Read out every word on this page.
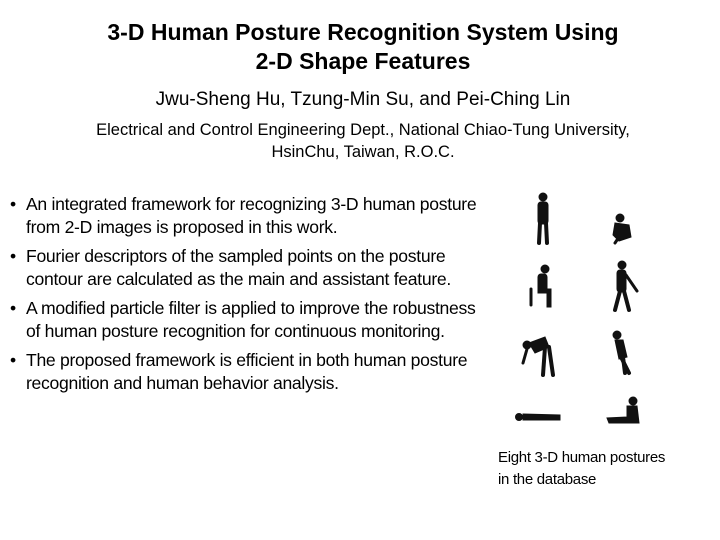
3-D Human Posture Recognition System Using
2-D Shape Features
Jwu-Sheng Hu, Tzung-Min Su, and Pei-Ching Lin
Electrical and Control Engineering Dept., National Chiao-Tung University,
HsinChu, Taiwan, R.O.C.
• An integrated framework for recognizing 3-D human posture from 2-D images is proposed in this work.
• Fourier descriptors of the sampled points on the posture contour are calculated as the main and assistant feature.
• A modified particle filter is applied to improve the robustness of human posture recognition for continuous monitoring.
• The proposed framework is efficient in both human posture recognition and human behavior analysis.
Eight 3-D human postures
in the database
